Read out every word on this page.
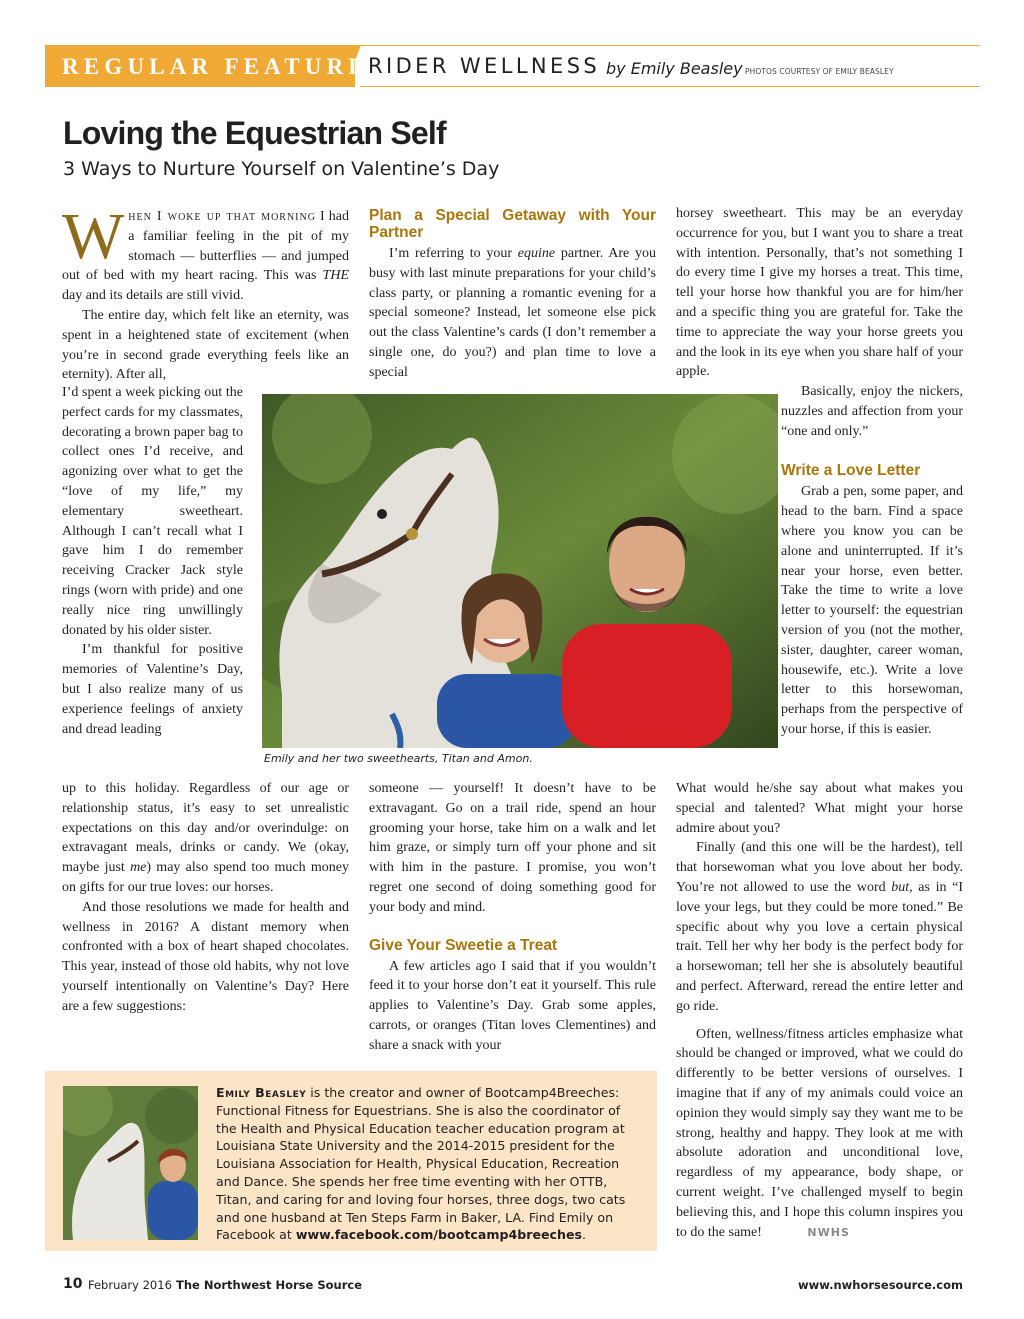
REGULAR FEATURE RIDER WELLNESS by Emily Beasley PHOTOS COURTESY OF EMILY BEASLEY
Loving the Equestrian Self
3 Ways to Nurture Yourself on Valentine’s Day

When I woke up that morning I had a familiar feeling in the pit of my stomach — butterflies — and jumped out of bed with my heart racing. This was THE day and its details are still vivid.

The entire day, which felt like an eternity, was spent in a heightened state of excitement (when you’re in second grade everything feels like an eternity). After all,

I’d spent a week picking out the perfect cards for my classmates, decorating a brown paper bag to collect ones I’d receive, and agonizing over what to get the “love of my life,” my elementary sweetheart. Although I can’t recall what I gave him I do remember receiving Cracker Jack style rings (worn with pride) and one really nice ring unwillingly donated by his older sister.

I’m thankful for positive memories of Valentine’s Day, but I also realize many of us experience feelings of anxiety and dread leading

up to this holiday. Regardless of our age or relationship status, it’s easy to set unrealistic expectations on this day and/or overindulge: on extravagant meals, drinks or candy. We (okay, maybe just me) may also spend too much money on gifts for our true loves: our horses.

And those resolutions we made for health and wellness in 2016? A distant memory when confronted with a box of heart shaped chocolates. This year, instead of those old habits, why not love yourself intentionally on Valentine’s Day? Here are a few suggestions:

Plan a Special Getaway with Your Partner

I’m referring to your equine partner. Are you busy with last minute preparations for your child’s class party, or planning a romantic evening for a special someone? Instead, let someone else pick out the class Valentine’s cards (I don’t remember a single one, do you?) and plan time to love a special

someone — yourself! It doesn’t have to be extravagant. Go on a trail ride, spend an hour grooming your horse, take him on a walk and let him graze, or simply turn off your phone and sit with him in the pasture. I promise, you won’t regret one second of doing something good for your body and mind.

Give Your Sweetie a Treat

A few articles ago I said that if you wouldn’t feed it to your horse don’t eat it yourself. This rule applies to Valentine’s Day. Grab some apples, carrots, or oranges (Titan loves Clementines) and share a snack with your

horsey sweetheart. This may be an everyday occurrence for you, but I want you to share a treat with intention. Personally, that’s not something I do every time I give my horses a treat. This time, tell your horse how thankful you are for him/her and a specific thing you are grateful for. Take the time to appreciate the way your horse greets you and the look in its eye when you share half of your apple.

Basically, enjoy the nickers, nuzzles and affection from your “one and only.”

Write a Love Letter

Grab a pen, some paper, and head to the barn. Find a space where you know you can be alone and uninterrupted. If it’s near your horse, even better. Take the time to write a love letter to yourself: the equestrian version of you (not the mother, sister, daughter, career woman, housewife, etc.). Write a love letter to this horsewoman, perhaps from the perspective of your horse, if this is easier.

What would he/she say about what makes you special and talented? What might your horse admire about you?

Finally (and this one will be the hardest), tell that horsewoman what you love about her body. You’re not allowed to use the word but, as in “I love your legs, but they could be more toned.” Be specific about why you love a certain physical trait. Tell her why her body is the perfect body for a horsewoman; tell her she is absolutely beautiful and perfect. Afterward, reread the entire letter and go ride.

Often, wellness/fitness articles emphasize what should be changed or improved, what we could do differently to be better versions of ourselves. I imagine that if any of my animals could voice an opinion they would simply say they want me to be strong, healthy and happy. They look at me with absolute adoration and unconditional love, regardless of my appearance, body shape, or current weight. I’ve challenged myself to begin believing this, and I hope this column inspires you to do the same!	NWHS

Emily and her two sweethearts, Titan and Amon.
Emily Beasley is the creator and owner of Bootcamp4Breeches: Functional Fitness for Equestrians. She is also the coordinator of the Health and Physical Education teacher education program at Louisiana State University and the 2014-2015 president for the Louisiana Association for Health, Physical Education, Recreation and Dance. She spends her free time eventing with her OTTB, Titan, and caring for and loving four horses, three dogs, two cats and one husband at Ten Steps Farm in Baker, LA. Find Emily on Facebook at www.facebook.com/bootcamp4breeches.
10 February 2016 The Northwest Horse Source	www.nwhorsesource.com
